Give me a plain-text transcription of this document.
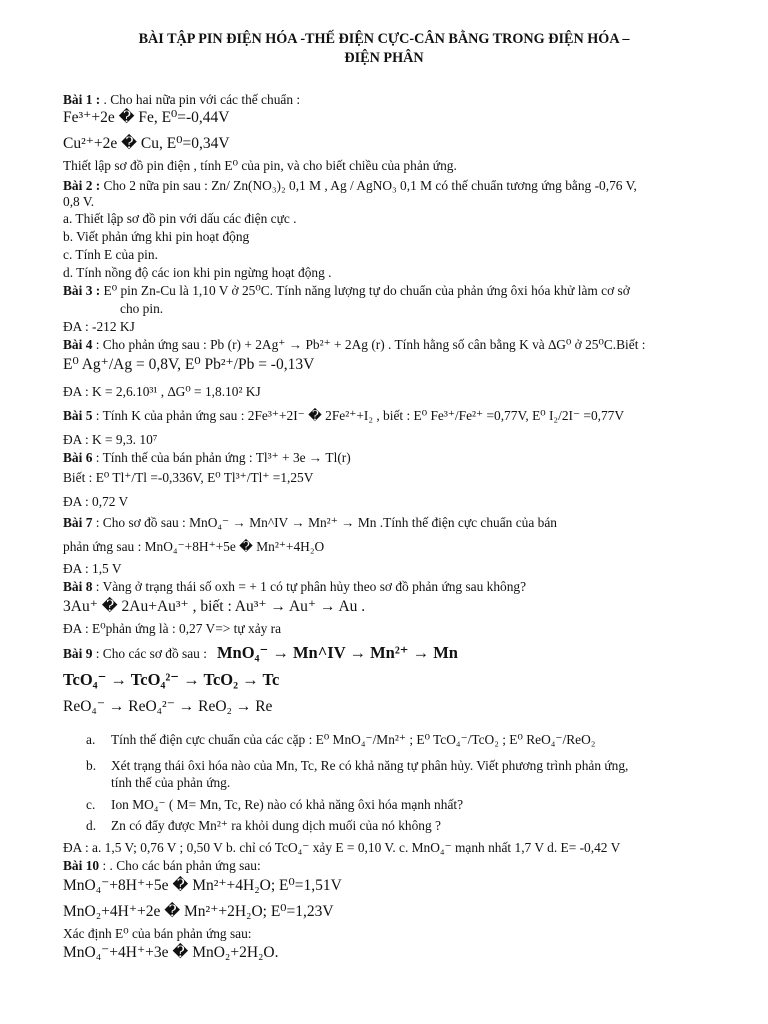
BÀI TẬP PIN ĐIỆN HÓA -THẾ ĐIỆN CỰC-CÂN BẰNG TRONG ĐIỆN HÓA –
ĐIỆN PHÂN
Bài 1 : . Cho hai nữa pin với các thế chuẩn :
Fe³⁺+2e � Fe, E⁰=-0,44V
Cu²⁺+2e � Cu, E⁰=0,34V
Thiết lập sơ đồ pin điện , tính E⁰ của pin, và cho biết chiều của phản ứng.
Bài 2 : Cho 2 nữa pin sau : Zn/ Zn(NO₃)₂ 0,1 M , Ag / AgNO₃ 0,1 M có thế chuẩn tương ứng bằng -0,76 V,
0,8 V.
a. Thiết lập sơ đồ pin với dấu các điện cực .
b. Viết phản ứng khi pin hoạt động
c. Tính E của pin.
d. Tính nồng độ các ion khi pin ngừng hoạt động .
Bài 3 : E⁰ pin Zn-Cu là 1,10 V ở 25⁰C. Tính năng lượng tự do chuẩn của phản ứng ôxi hóa khử làm cơ sở
cho pin.
ĐA : -212 KJ
Bài 4 : Cho phản ứng sau : Pb (r) + 2Ag⁺ → Pb²⁺ + 2Ag (r) . Tính hằng số cân bằng K và ∆G⁰ ở 25⁰C.Biết :
E⁰ Ag⁺/Ag = 0,8V, E⁰ Pb²⁺/Pb = -0,13V
ĐA : K = 2,6.10³¹ , ∆G⁰ = 1,8.10² KJ
Bài 5 : Tính K của phản ứng sau : 2Fe³⁺+2I⁻ � 2Fe²⁺+I₂ , biết : E⁰ Fe³⁺/Fe²⁺ =0,77V, E⁰ I₂/2I⁻ =0,77V
ĐA : K = 9,3. 10⁷
Bài 6 : Tính thế của bán phản ứng : Tl³⁺ + 3e → Tl(r)
Biết : E⁰ Tl⁺/Tl =-0,336V, E⁰ Tl³⁺/Tl⁺ =1,25V
ĐA : 0,72 V
Bài 7 : Cho sơ đồ sau : MnO₄⁻ → Mn^IV → Mn²⁺ → Mn .Tính thế điện cực chuẩn của bán
phản ứng sau : MnO₄⁻+8H⁺+5e � Mn²⁺+4H₂O
ĐA : 1,5 V
Bài 8 : Vàng ở trạng thái số oxh = + 1 có tự phân hủy theo sơ đồ phản ứng sau không?
3Au⁺ � 2Au+Au³⁺ , biết : Au³⁺ → Au⁺ → Au .
ĐA : E⁰phản ứng là : 0,27 V=> tự xảy ra
Bài 9 : Cho các sơ đồ sau : MnO₄⁻ → Mn^IV → Mn²⁺ → Mn
TcO₄⁻ → TcO₄²⁻ → TcO₂ → Tc
ReO₄⁻ → ReO₄²⁻ → ReO₂ → Re
a. Tính thế điện cực chuẩn của các cặp : E⁰ MnO₄⁻/Mn²⁺ ; E⁰ TcO₄⁻/TcO₂ ; E⁰ ReO₄⁻/ReO₂
b. Xét trạng thái ôxi hóa nào của Mn, Tc, Re có khả năng tự phân hủy. Viết phương trình phản ứng,
tính thế của phản ứng.
c. Ion MO₄⁻ ( M= Mn, Tc, Re) nào có khả năng ôxi hóa mạnh nhất?
d. Zn có đẩy được Mn²⁺ ra khỏi dung dịch muối của nó không ?
ĐA : a. 1,5 V; 0,76 V ; 0,50 V b. chỉ có TcO₄⁻ xảy E = 0,10 V. c. MnO₄⁻ mạnh nhất 1,7 V d. E= -0,42 V
Bài 10 : . Cho các bán phản ứng sau:
MnO₄⁻+8H⁺+5e � Mn²⁺+4H₂O; E⁰=1,51V
MnO₂+4H⁺+2e � Mn²⁺+2H₂O; E⁰=1,23V
Xác định E⁰ của bán phản ứng sau:
MnO₄⁻+4H⁺+3e � MnO₂+2H₂O.
